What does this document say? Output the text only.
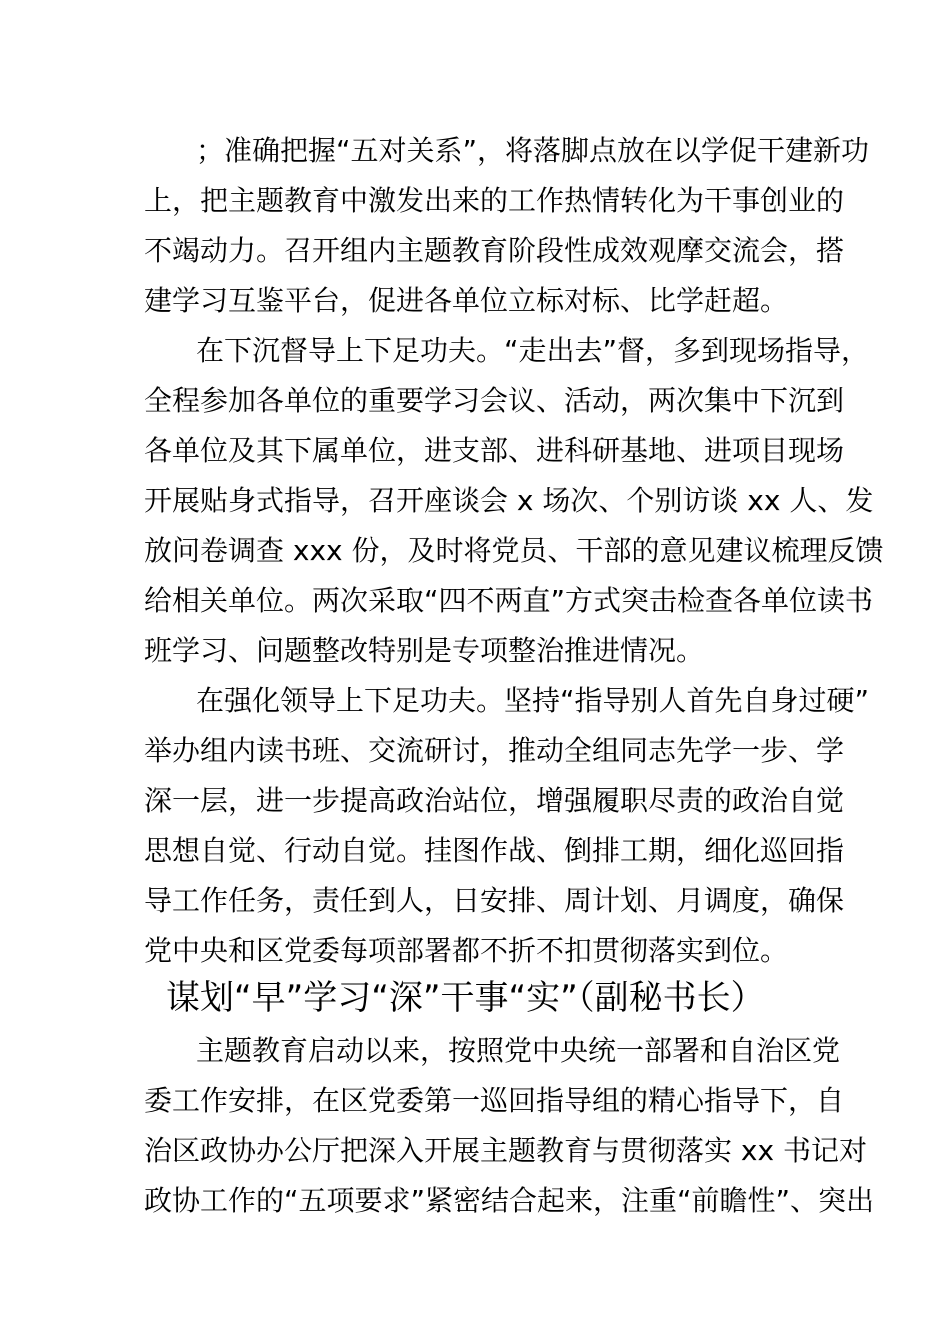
；准确把握“五对关系”，将落脚点放在以学促干建新功
上，把主题教育中激发出来的工作热情转化为干事创业的
不竭动力。召开组内主题教育阶段性成效观摩交流会，搭
建学习互鉴平台，促进各单位立标对标、比学赶超。
在下沉督导上下足功夫。“走出去”督，多到现场指导，
全程参加各单位的重要学习会议、活动，两次集中下沉到
各单位及其下属单位，进支部、进科研基地、进项目现场
开展贴身式指导，召开座谈会 x 场次、个别访谈 xx 人、发
放问卷调查 xxx 份，及时将党员、干部的意见建议梳理反馈
给相关单位。两次采取“四不两直”方式突击检查各单位读书
班学习、问题整改特别是专项整治推进情况。
在强化领导上下足功夫。坚持“指导别人首先自身过硬”
举办组内读书班、交流研讨，推动全组同志先学一步、学
深一层，进一步提高政治站位，增强履职尽责的政治自觉
思想自觉、行动自觉。挂图作战、倒排工期，细化巡回指
导工作任务，责任到人，日安排、周计划、月调度，确保
党中央和区党委每项部署都不折不扣贯彻落实到位。
谋划“早”学习“深”干事“实”（副秘书长）
主题教育启动以来，按照党中央统一部署和自治区党
委工作安排，在区党委第一巡回指导组的精心指导下，自
治区政协办公厅把深入开展主题教育与贯彻落实 xx 书记对
政协工作的“五项要求”紧密结合起来，注重“前瞻性”、突出
